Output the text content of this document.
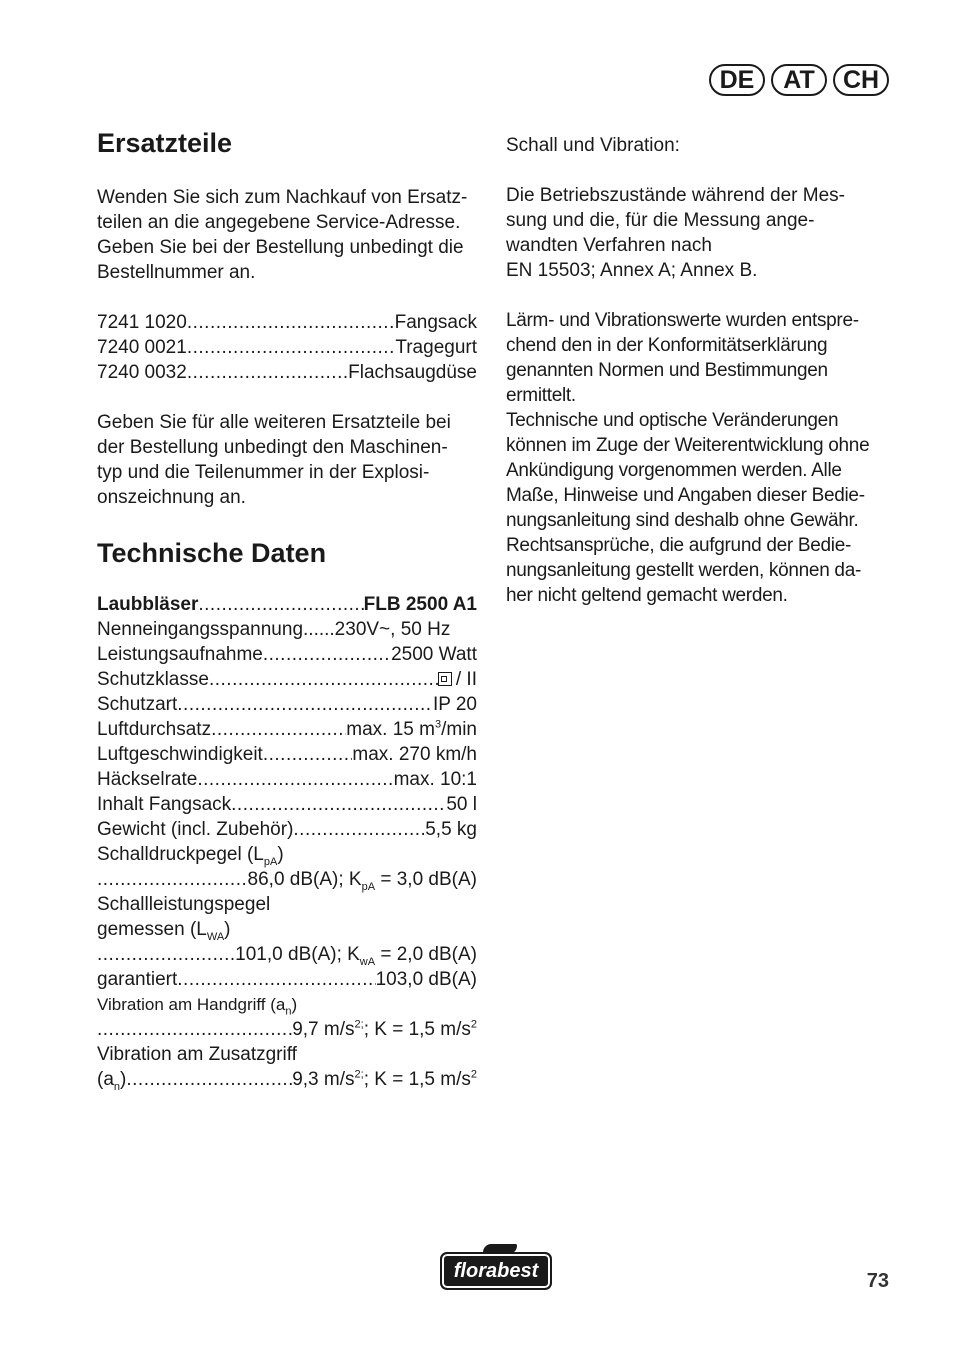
DE	AT	CH
Ersatzteile

Wenden Sie sich zum Nachkauf von Ersatz-
teilen an die angegebene Service-Adresse.
Geben Sie bei der Bestellung unbedingt die
Bestellnummer an.

7241 1020 .....	Fangsack
7240 0021 .....	Tragegurt
7240 0032 .....	Flachsaugdüse

Geben Sie für alle weiteren Ersatzteile bei
der Bestellung unbedingt den Maschinen-
typ und die Teilenummer in der Explosi-
onszeichnung an.

Technische Daten
Laubbläser .....	FLB 2500 A1
Nenneingangsspannung......230V~, 50 Hz
Leistungsaufnahme .....	2500 Watt
Schutzklasse .....	/ II
Schutzart .....	IP 20
Luftdurchsatz .....	max. 15 $m^3/\min$
Luftgeschwindigkeit .....	max. 270 km/h
Häckselrate .....	max. 10:1
Inhalt Fangsack .....	50 l
Gewicht (incl. Zubehör) .....	5,5 kg
Schalldruckpegel $(L_{pA})$
.....
86,0 dB(A); $K_{pA} = 3,0$ dB(A)
Schallleistungspegel
gemessen $(L_{WA})$
.....
101,0 dB(A); $K_{wA} = 2,0$ dB(A)
garantiert .....	103,0 dB(A)
Vibration am Handgriff $(a_n)$
.....
9,7 $m/s^{2;}$; K = 1,5 $m/s^2$
Vibration am Zusatzgriff
$(a_n)$ .....	9,3 $m/s^{2;}$; K = 1,5 $m/s^2$

Schall und Vibration:

Die Betriebszustände während der Mes-
sung und die, für die Messung ange-
wandten Verfahren nach
EN 15503; Annex A; Annex B.

Lärm- und Vibrationswerte wurden entspre-
chend den in der Konformitätserklärung
genannten Normen und Bestimmungen
ermittelt.
Technische und optische Veränderungen
können im Zuge der Weiterentwicklung ohne
Ankündigung vorgenommen werden. Alle
Maße, Hinweise und Angaben dieser Bedie-
nungsanleitung sind deshalb ohne Gewähr.
Rechtsansprüche, die aufgrund der Bedie-
nungsanleitung gestellt werden, können da-
her nicht geltend gemacht werden.

florabest	73
